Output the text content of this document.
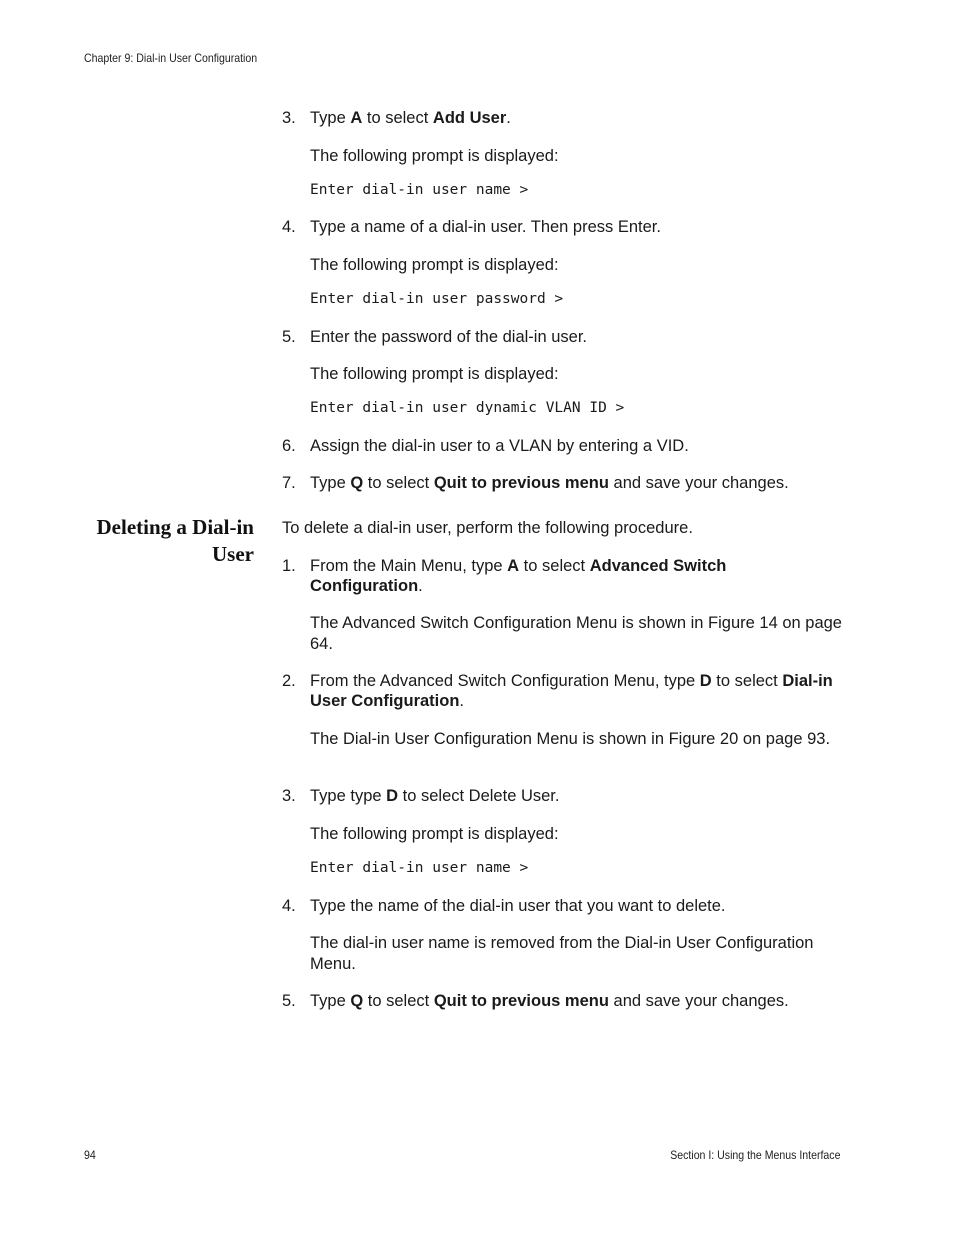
Chapter 9: Dial-in User Configuration
3. Type A to select Add User.
The following prompt is displayed:
Enter dial-in user name >
4. Type a name of a dial-in user. Then press Enter.
The following prompt is displayed:
Enter dial-in user password >
5. Enter the password of the dial-in user.
The following prompt is displayed:
Enter dial-in user dynamic VLAN ID >
6. Assign the dial-in user to a VLAN by entering a VID.
7. Type Q to select Quit to previous menu and save your changes.
Deleting a Dial-in
User
To delete a dial-in user, perform the following procedure.
1. From the Main Menu, type A to select Advanced Switch Configuration.
The Advanced Switch Configuration Menu is shown in Figure 14 on page 64.
2. From the Advanced Switch Configuration Menu, type D to select Dial-in User Configuration.
The Dial-in User Configuration Menu is shown in Figure 20 on page 93.
3. Type type D to select Delete User.
The following prompt is displayed:
Enter dial-in user name >
4. Type the name of the dial-in user that you want to delete.
The dial-in user name is removed from the Dial-in User Configuration Menu.
5. Type Q to select Quit to previous menu and save your changes.
94	Section I: Using the Menus Interface
